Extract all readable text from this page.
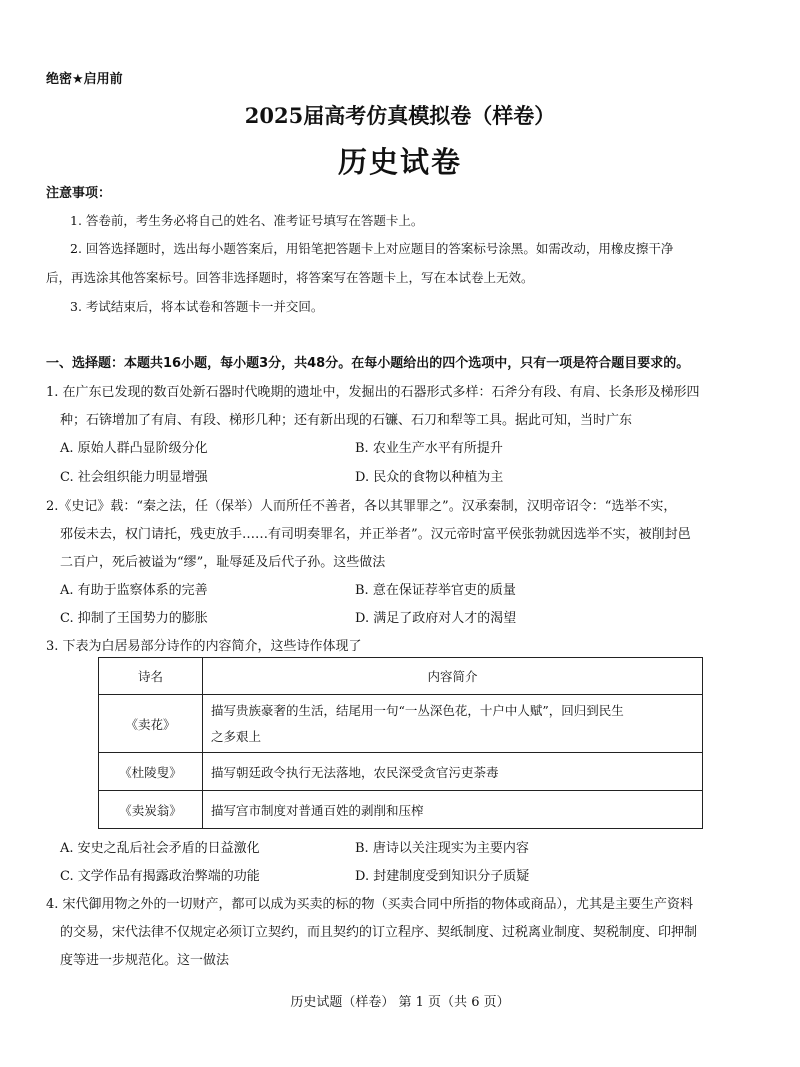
绝密★启用前
2025届高考仿真模拟卷（样卷）
历史试卷
注意事项：
1. 答卷前，考生务必将自己的姓名、准考证号填写在答题卡上。
2. 回答选择题时，选出每小题答案后，用铅笔把答题卡上对应题目的答案标号涂黑。如需改动，用橡皮擦干净
后，再选涂其他答案标号。回答非选择题时，将答案写在答题卡上，写在本试卷上无效。
3. 考试结束后，将本试卷和答题卡一并交回。
一、选择题：本题共16小题，每小题3分，共48分。在每小题给出的四个选项中，只有一项是符合题目要求的。
1. 在广东已发现的数百处新石器时代晚期的遗址中，发掘出的石器形式多样：石斧分有段、有肩、长条形及梯形四
种；石锛增加了有肩、有段、梯形几种；还有新出现的石镰、石刀和犁等工具。据此可知，当时广东
A. 原始人群凸显阶级分化	B. 农业生产水平有所提升
C. 社会组织能力明显增强	D. 民众的食物以种植为主
2.《史记》载：“秦之法，任（保举）人而所任不善者，各以其罪罪之”。汉承秦制，汉明帝诏令：“选举不实，
邪佞未去，权门请托，残吏放手……有司明奏罪名，并正举者”。汉元帝时富平侯张勃就因选举不实，被削封邑
二百户，死后被谥为“缪”，耻辱延及后代子孙。这些做法
A. 有助于监察体系的完善	B. 意在保证荐举官吏的质量
C. 抑制了王国势力的膨胀	D. 满足了政府对人才的渴望
3. 下表为白居易部分诗作的内容简介，这些诗作体现了
诗名	内容简介
《卖花》	描写贵族豪奢的生活，结尾用一句“一丛深色花，十户中人赋”，回归到民生
之多艰上

《杜陵叟》	描写朝廷政令执行无法落地，农民深受贪官污吏荼毒
《卖炭翁》	描写宫市制度对普通百姓的剥削和压榨
A. 安史之乱后社会矛盾的日益激化	B. 唐诗以关注现实为主要内容
C. 文学作品有揭露政治弊端的功能	D. 封建制度受到知识分子质疑
4. 宋代御用物之外的一切财产，都可以成为买卖的标的物（买卖合同中所指的物体或商品），尤其是主要生产资料
的交易，宋代法律不仅规定必须订立契约，而且契约的订立程序、契纸制度、过税离业制度、契税制度、印押制
度等进一步规范化。这一做法
历史试题（样卷） 第 1 页（共 6 页）
